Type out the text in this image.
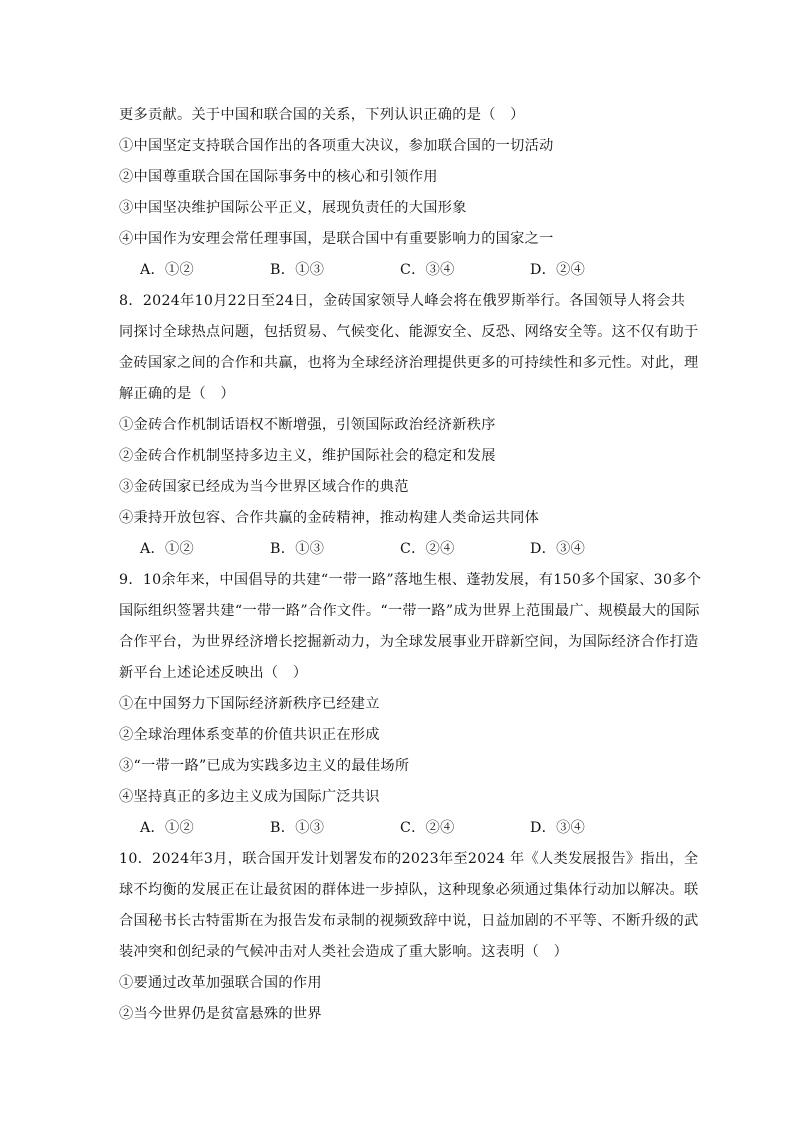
更多贡献。关于中国和联合国的关系，下列认识正确的是（　）
①中国坚定支持联合国作出的各项重大决议，参加联合国的一切活动
②中国尊重联合国在国际事务中的核心和引领作用
③中国坚决维护国际公平正义，展现负责任的大国形象
④中国作为安理会常任理事国，是联合国中有重要影响力的国家之一
A．①②	B．①③	C．③④	D．②④
8．2024年10月22日至24日，金砖国家领导人峰会将在俄罗斯举行。各国领导人将会共
同探讨全球热点问题，包括贸易、气候变化、能源安全、反恐、网络安全等。这不仅有助于
金砖国家之间的合作和共赢，也将为全球经济治理提供更多的可持续性和多元性。对此，理
解正确的是（　）
①金砖合作机制话语权不断增强，引领国际政治经济新秩序
②金砖合作机制坚持多边主义，维护国际社会的稳定和发展
③金砖国家已经成为当今世界区域合作的典范
④秉持开放包容、合作共赢的金砖精神，推动构建人类命运共同体
A．①②	B．①③	C．②④	D．③④
9．10余年来，中国倡导的共建“一带一路”落地生根、蓬勃发展，有150多个国家、30多个
国际组织签署共建“一带一路”合作文件。“一带一路”成为世界上范围最广、规模最大的国际
合作平台，为世界经济增长挖掘新动力，为全球发展事业开辟新空间，为国际经济合作打造
新平台上述论述反映出（　）
①在中国努力下国际经济新秩序已经建立
②全球治理体系变革的价值共识正在形成
③“一带一路”已成为实践多边主义的最佳场所
④坚持真正的多边主义成为国际广泛共识
A．①②	B．①③	C．②④	D．③④
10．2024年3月，联合国开发计划署发布的2023年至2024 年《人类发展报告》指出，全
球不均衡的发展正在让最贫困的群体进一步掉队，这种现象必须通过集体行动加以解决。联
合国秘书长古特雷斯在为报告发布录制的视频致辞中说，日益加剧的不平等、不断升级的武
装冲突和创纪录的气候冲击对人类社会造成了重大影响。这表明（　）
①要通过改革加强联合国的作用
②当今世界仍是贫富悬殊的世界
